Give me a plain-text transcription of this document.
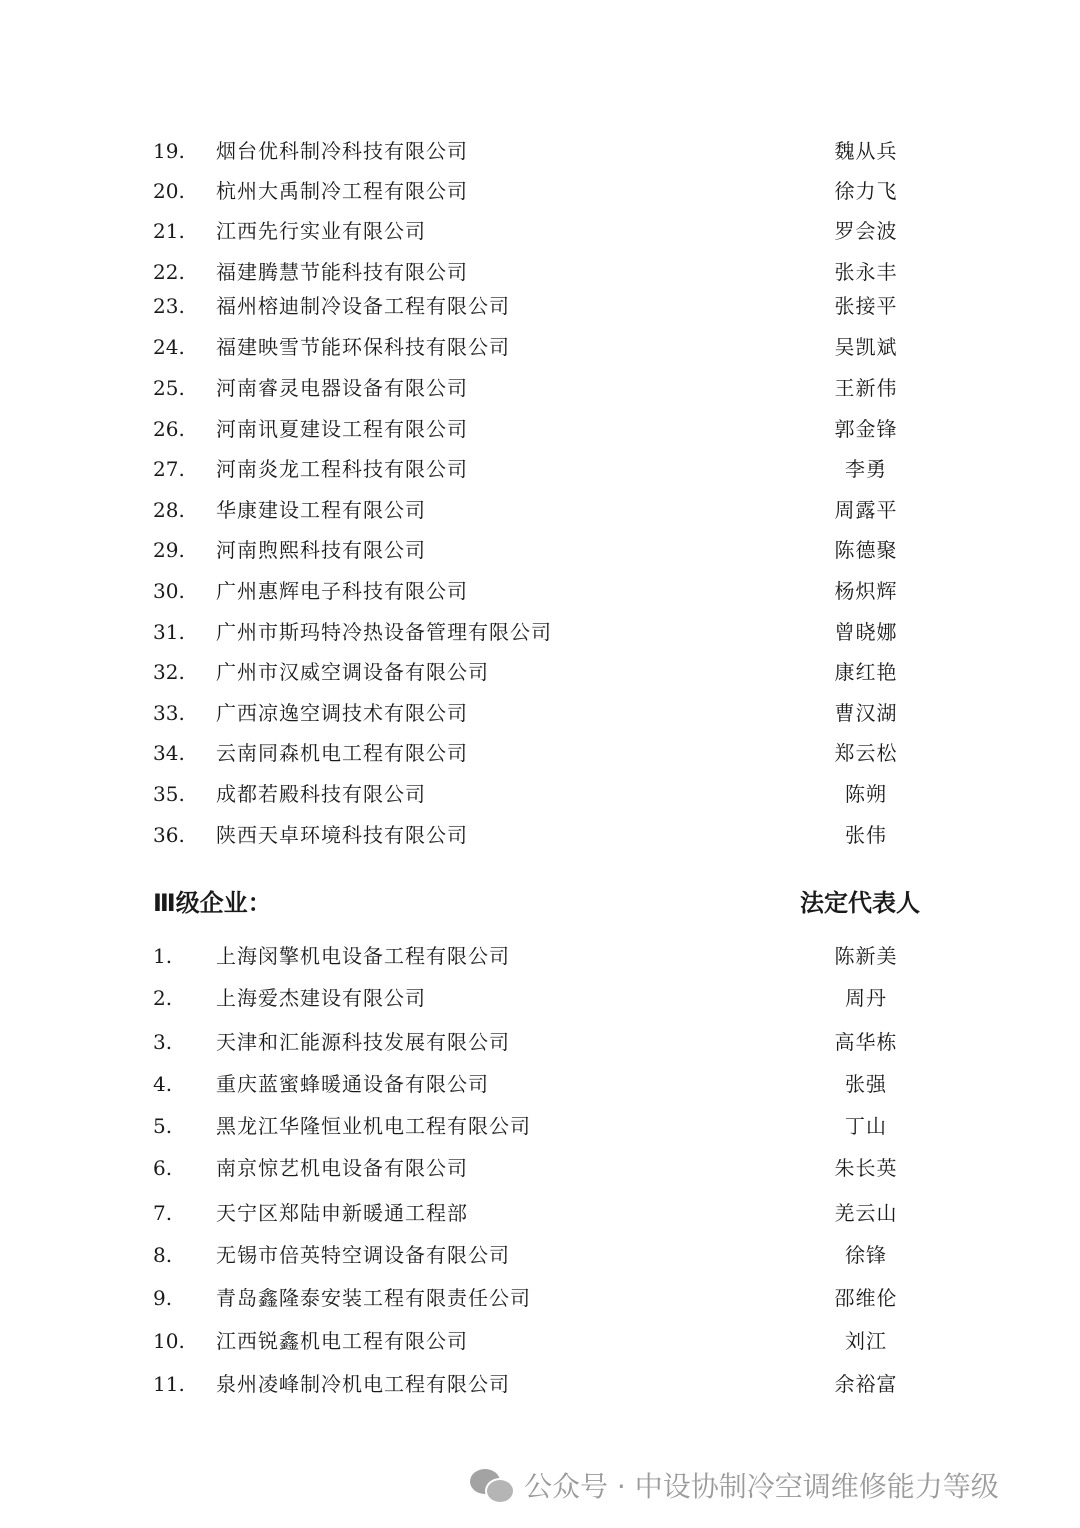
19. 烟台优科制冷科技有限公司	魏从兵
20. 杭州大禹制冷工程有限公司	徐力飞
21. 江西先行实业有限公司	罗会波
22. 福建腾慧节能科技有限公司	张永丰
23. 福州榕迪制冷设备工程有限公司	张接平
24. 福建映雪节能环保科技有限公司	吴凯斌
25. 河南睿灵电器设备有限公司	王新伟
26. 河南讯夏建设工程有限公司	郭金锋
27. 河南炎龙工程科技有限公司	李勇
28. 华康建设工程有限公司	周露平
29. 河南煦熙科技有限公司	陈德聚
30. 广州惠辉电子科技有限公司	杨炽辉
31. 广州市斯玛特冷热设备管理有限公司	曾晓娜
32. 广州市汉威空调设备有限公司	康红艳
33. 广西凉逸空调技术有限公司	曹汉湖
34. 云南同森机电工程有限公司	郑云松
35. 成都若殿科技有限公司	陈朔
36. 陕西天卓环境科技有限公司	张伟
Ⅲ级企业：	法定代表人
1. 上海闵擎机电设备工程有限公司	陈新美
2. 上海爱杰建设有限公司	周丹
3. 天津和汇能源科技发展有限公司	高华栋
4. 重庆蓝蜜蜂暖通设备有限公司	张强
5. 黑龙江华隆恒业机电工程有限公司	丁山
6. 南京惊艺机电设备有限公司	朱长英
7. 天宁区郑陆申新暖通工程部	羌云山
8. 无锡市倍英特空调设备有限公司	徐锋
9. 青岛鑫隆泰安装工程有限责任公司	邵维伦
10. 江西锐鑫机电工程有限公司	刘江
11. 泉州凌峰制冷机电工程有限公司	余裕富
公众号 · 中设协制冷空调维修能力等级
